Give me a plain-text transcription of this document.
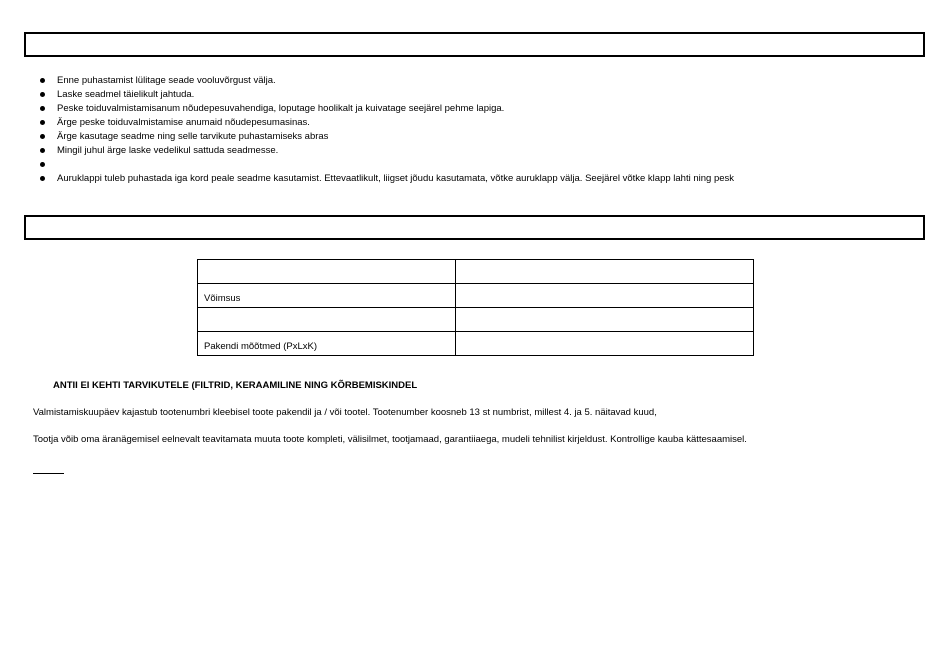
Enne puhastamist lülitage seade vooluvõrgust välja.
Laske seadmel täielikult jahtuda.
Peske toiduvalmistamisanum nõudepesuvahendiga, loputage hoolikalt ja kuivatage seejärel pehme lapiga.
Ärge peske toiduvalmistamise anumaid nõudepesumasinas.
Ärge kasutage seadme ning selle tarvikute puhastamiseks abras
Mingil juhul ärge laske vedelikul sattuda seadmesse.
Auruklappi tuleb puhastada iga kord peale seadme kasutamist. Ettevaatlikult, liigset jõudu kasutamata, võtke auruklapp välja. Seejärel võtke klapp lahti ning pesk

Võimsus	

Pakendi mõõtmed (PxLxK)	
ANTII EI KEHTI TARVIKUTELE (FILTRID, KERAAMILINE NING KÕRBEMISKINDEL
Valmistamiskuupäev kajastub tootenumbri kleebisel toote pakendil ja / või tootel. Tootenumber koosneb 13 st numbrist, millest 4. ja 5. näitavad kuud,
Tootja võib oma äranägemisel eelnevalt teavitamata muuta toote kompleti, välisilmet, tootjamaad, garantiiaega, mudeli tehnilist kirjeldust. Kontrollige kauba kättesaamisel.
